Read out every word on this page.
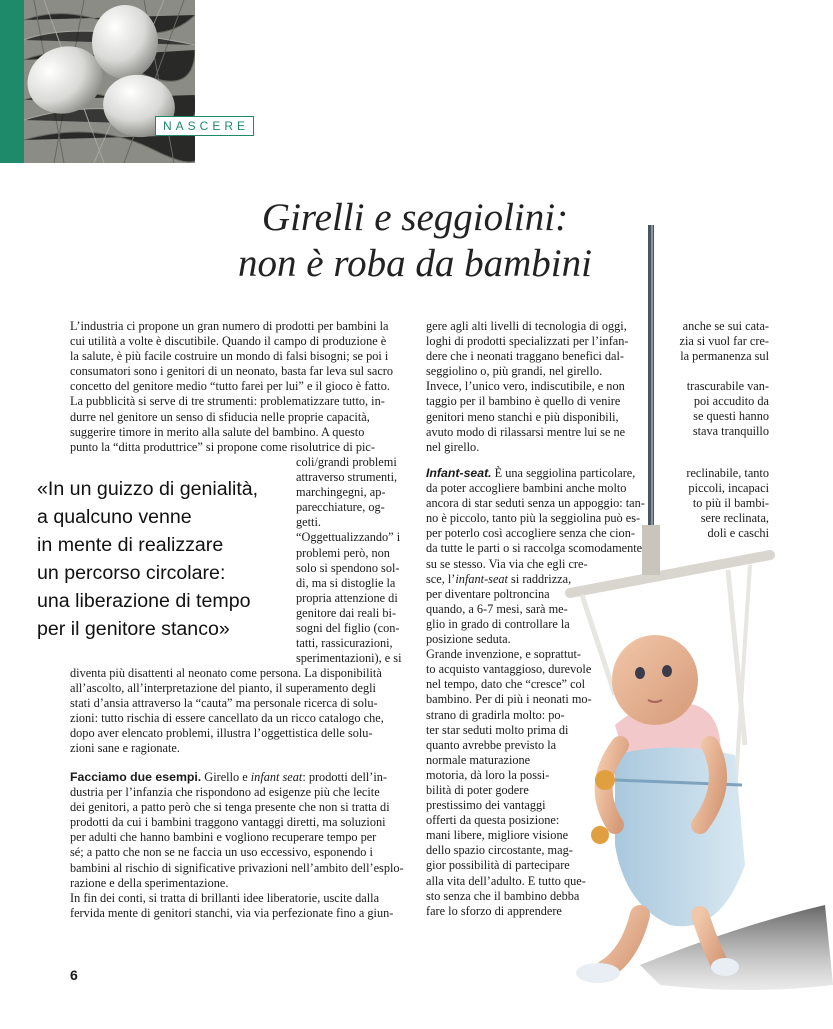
NASCERE
Girelli e seggiolini:
non è roba da bambini
L’industria ci propone un gran numero di prodotti per bambini la
cui utilità a volte è discutibile. Quando il campo di produzione è
la salute, è più facile costruire un mondo di falsi bisogni; se poi i
consumatori sono i genitori di un neonato, basta far leva sul sacro
concetto del genitore medio “tutto farei per lui” e il gioco è fatto.
La pubblicità si serve di tre strumenti: problematizzare tutto, in-
durre nel genitore un senso di sfiducia nelle proprie capacità,
suggerire timore in merito alla salute del bambino. A questo
punto la “ditta produttrice” si propone come risolutrice di pic-
coli/grandi problemi
attraverso strumenti,
marchingegni, ap-
parecchiature, og-
getti.
“Oggettualizzando” i
problemi però, non
solo si spendono sol-
di, ma si distoglie la
propria attenzione di
genitore dai reali bi-
sogni del figlio (con-
tatti, rassicurazioni,
sperimentazioni), e si
«In un guizzo di genialità,
a qualcuno venne
in mente di realizzare
un percorso circolare:
una liberazione di tempo
per il genitore stanco»
diventa più disattenti al neonato come persona. La disponibilità
all’ascolto, all’interpretazione del pianto, il superamento degli
stati d’ansia attraverso la “cauta” ma personale ricerca di solu-
zioni: tutto rischia di essere cancellato da un ricco catalogo che,
dopo aver elencato problemi, illustra l’oggettistica delle solu-
zioni sane e ragionate.
Facciamo due esempi. Girello e infant seat: prodotti dell’in-
dustria per l’infanzia che rispondono ad esigenze più che lecite
dei genitori, a patto però che si tenga presente che non si tratta di
prodotti da cui i bambini traggono vantaggi diretti, ma soluzioni
per adulti che hanno bambini e vogliono recuperare tempo per
sé; a patto che non se ne faccia un uso eccessivo, esponendo i
bambini al rischio di significative privazioni nell’ambito dell’esplo-
razione e della sperimentazione.
In fin dei conti, si tratta di brillanti idee liberatorie, uscite dalla
fervida mente di genitori stanchi, via via perfezionate fino a giun-
gere agli alti livelli di tecnologia di oggi,
loghi di prodotti specializzati per l’infan-
dere che i neonati traggano benefici dal-
seggiolino o, più grandi, nel girello.
Invece, l’unico vero, indiscutibile, e non
taggio per il bambino è quello di venire
genitori meno stanchi e più disponibili,
avuto modo di rilassarsi mentre lui se ne
nel girello.
Infant-seat. È una seggiolina particolare,
da poter accogliere bambini anche molto
ancora di star seduti senza un appoggio: tan-
no è piccolo, tanto più la seggiolina può es-
per poterlo così accogliere senza che cion-
da tutte le parti o si raccolga scomodamente
su se stesso. Via via che egli cre-
sce, l’infant-seat si raddrizza,
per diventare poltroncina
quando, a 6-7 mesi, sarà me-
glio in grado di controllare la
posizione seduta.
Grande invenzione, e soprattut-
to acquisto vantaggioso, durevole
nel tempo, dato che “cresce” col
bambino. Per di più i neonati mo-
strano di gradirla molto: po-
ter star seduti molto prima di
quanto avrebbe previsto la
normale maturazione
motoria, dà loro la possi-
bilità di poter godere
prestissimo dei vantaggi
offerti da questa posizione:
mani libere, migliore visione
dello spazio circostante, mag-
gior possibilità di partecipare
alla vita dell’adulto. E tutto que-
sto senza che il bambino debba
fare lo sforzo di apprendere
anche se sui cata-
zia si vuol far cre-
la permanenza sul
trascurabile van-
poi accudito da
se questi hanno
stava tranquillo
reclinabile, tanto
piccoli, incapaci
to più il bambi-
sere reclinata,
doli e caschi
6
